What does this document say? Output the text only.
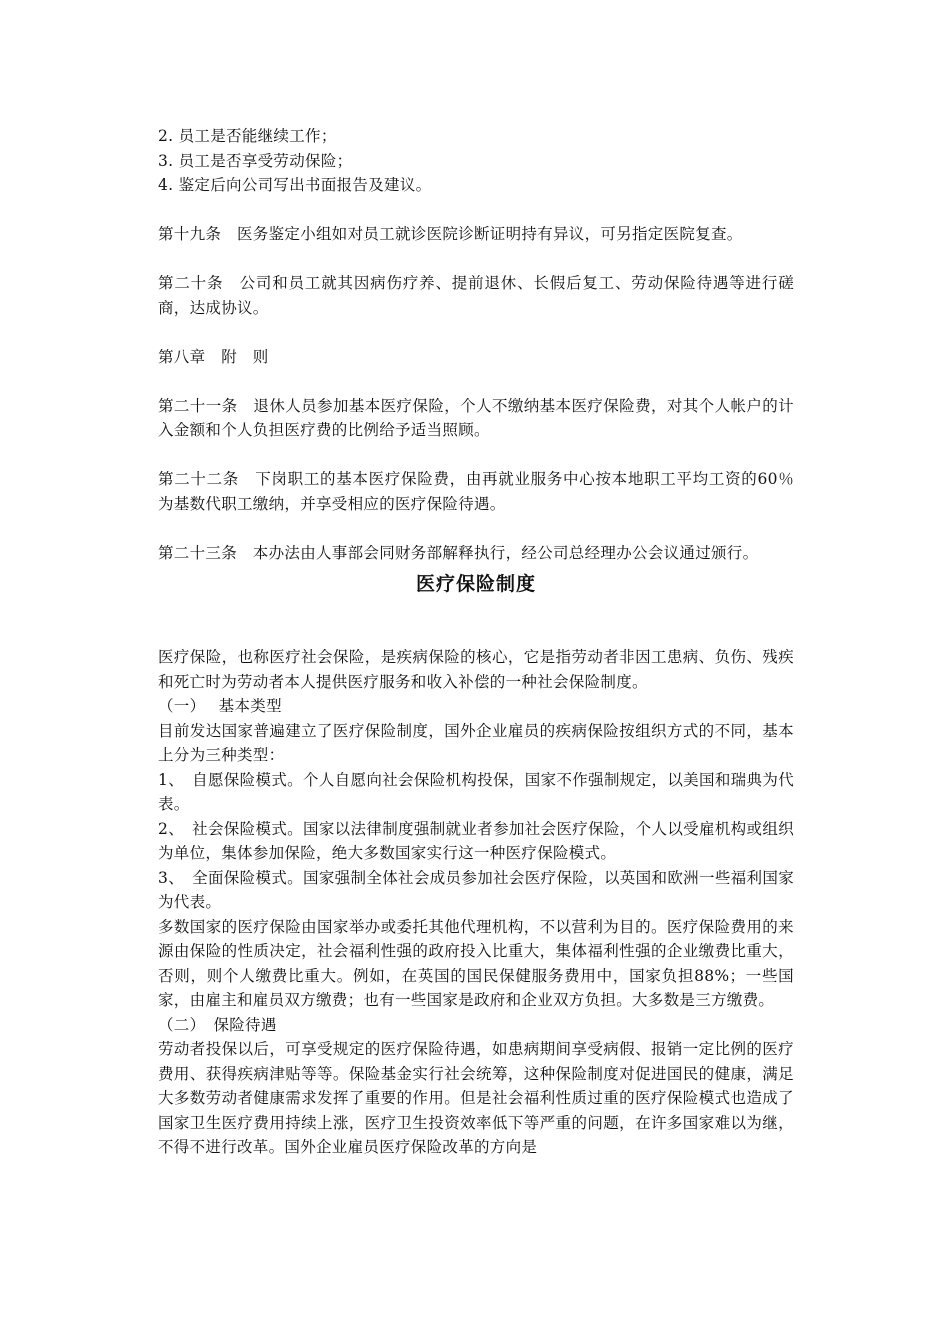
2. 员工是否能继续工作；
3. 员工是否享受劳动保险；
4. 鉴定后向公司写出书面报告及建议。
第十九条　医务鉴定小组如对员工就诊医院诊断证明持有异议，可另指定医院复查。
第二十条　公司和员工就其因病伤疗养、提前退休、长假后复工、劳动保险待遇等进行磋商，达成协议。
第八章　附　则
第二十一条　退休人员参加基本医疗保险，个人不缴纳基本医疗保险费，对其个人帐户的计入金额和个人负担医疗费的比例给予适当照顾。
第二十二条　下岗职工的基本医疗保险费，由再就业服务中心按本地职工平均工资的60％为基数代职工缴纳，并享受相应的医疗保险待遇。
第二十三条　本办法由人事部会同财务部解释执行，经公司总经理办公会议通过颁行。
医疗保险制度
医疗保险，也称医疗社会保险，是疾病保险的核心，它是指劳动者非因工患病、负伤、残疾和死亡时为劳动者本人提供医疗服务和收入补偿的一种社会保险制度。
（一）　 基本类型
目前发达国家普遍建立了医疗保险制度，国外企业雇员的疾病保险按组织方式的不同，基本上分为三种类型：
1、　自愿保险模式。个人自愿向社会保险机构投保，国家不作强制规定，以美国和瑞典为代表。
2、　社会保险模式。国家以法律制度强制就业者参加社会医疗保险，个人以受雇机构或组织为单位，集体参加保险，绝大多数国家实行这一种医疗保险模式。
3、　全面保险模式。国家强制全体社会成员参加社会医疗保险，以英国和欧洲一些福利国家为代表。
多数国家的医疗保险由国家举办或委托其他代理机构，不以营利为目的。医疗保险费用的来源由保险的性质决定，社会福利性强的政府投入比重大，集体福利性强的企业缴费比重大，否则，则个人缴费比重大。例如，在英国的国民保健服务费用中，国家负担88%；一些国家，由雇主和雇员双方缴费；也有一些国家是政府和企业双方负担。大多数是三方缴费。
（二）　保险待遇
劳动者投保以后，可享受规定的医疗保险待遇，如患病期间享受病假、报销一定比例的医疗费用、获得疾病津贴等等。保险基金实行社会统筹，这种保险制度对促进国民的健康，满足大多数劳动者健康需求发挥了重要的作用。但是社会福利性质过重的医疗保险模式也造成了国家卫生医疗费用持续上涨，医疗卫生投资效率低下等严重的问题，在许多国家难以为继，不得不进行改革。国外企业雇员医疗保险改革的方向是
